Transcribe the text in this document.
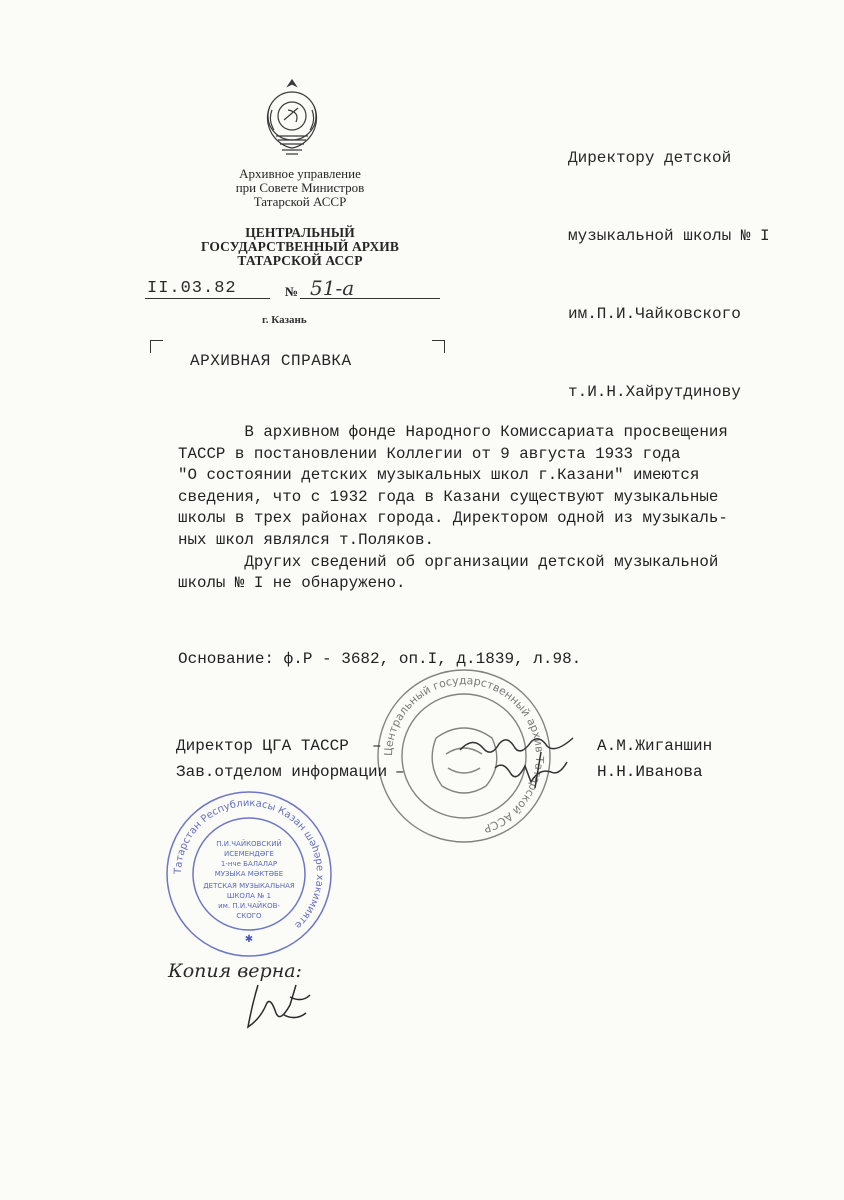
Архивное управление
при Совете Министров
Татарской АССР
ЦЕНТРАЛЬНЫЙ
ГОСУДАРСТВЕННЫЙ АРХИВ
ТАТАРСКОЙ АССР
II.03.82	№ 51-а
г. Казань

Директору детской

музыкальной школы № I

им.П.И.Чайковского

т.И.Н.Хайрутдинову

АРХИВНАЯ СПРАВКА
В архивном фонде Народного Комиссариата просвещения
ТАССР в постановлении Коллегии от 9 августа 1933 года
"О состоянии детских музыкальных школ г.Казани" имеются
сведения, что с 1932 года в Казани существуют музыкальные
школы в трех районах города. Директором одной из музыкаль-
ных школ являлся т.Поляков.
Других сведений об организации детской музыкальной
школы № I не обнаружено.
Основание: ф.Р - 3682, оп.I, д.1839, л.98.
Центральный государственный архив Татарской АССР
Директор ЦГА ТАССР –	А.М.Жиганшин
Зав.отделом информации –	Н.Н.Иванова
Татарстан Республикасы Казан шәһәре хакимияте
П.И.ЧАЙКОВСКИЙ
ИСЕМЕНДӘГЕ
1-нче БАЛАЛАР
МУЗЫКА МӘКТӘБЕ
ДЕТСКАЯ МУЗЫКАЛЬНАЯ
ШКОЛА № 1
им. П.И.ЧАЙКОВ-
СКОГО
✱
Копия верна:
